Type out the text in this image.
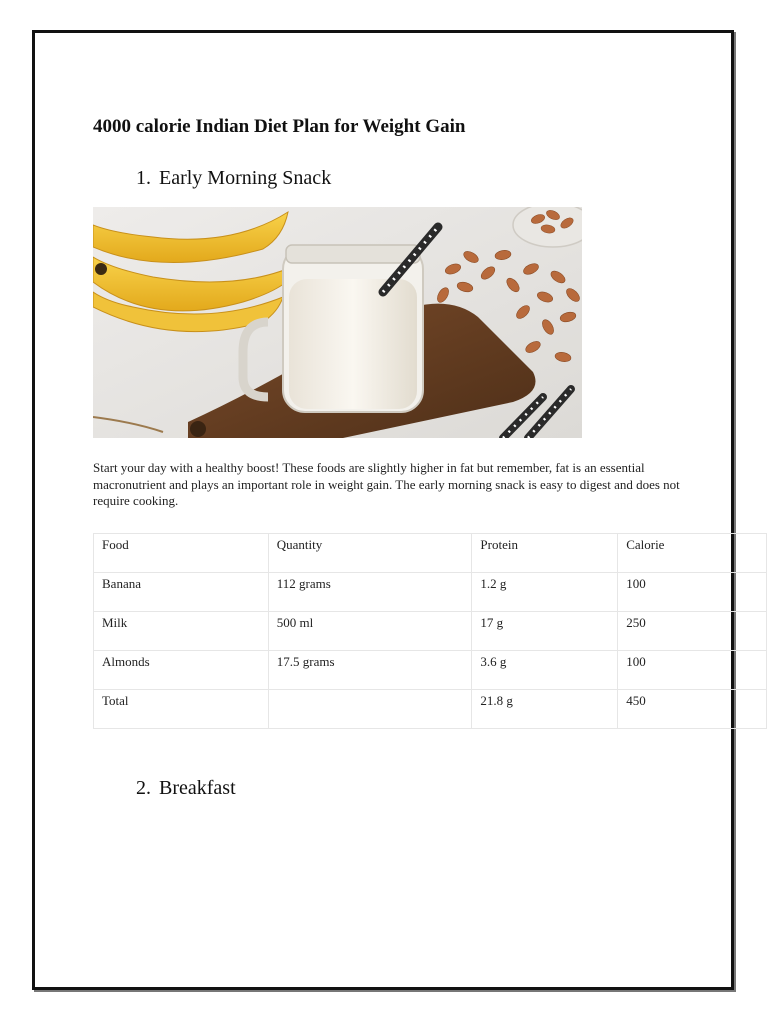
4000 calorie Indian Diet Plan for Weight Gain
1. Early Morning Snack
Start your day with a healthy boost! These foods are slightly higher in fat but remember, fat is an essential macronutrient and plays an important role in weight gain. The early morning snack is easy to digest and does not require cooking.
Food	Quantity	Protein	Calorie
Banana	112 grams	1.2 g	100
Milk	500 ml	17 g	250
Almonds	17.5 grams	3.6 g	100
Total		21.8 g	450
2. Breakfast
